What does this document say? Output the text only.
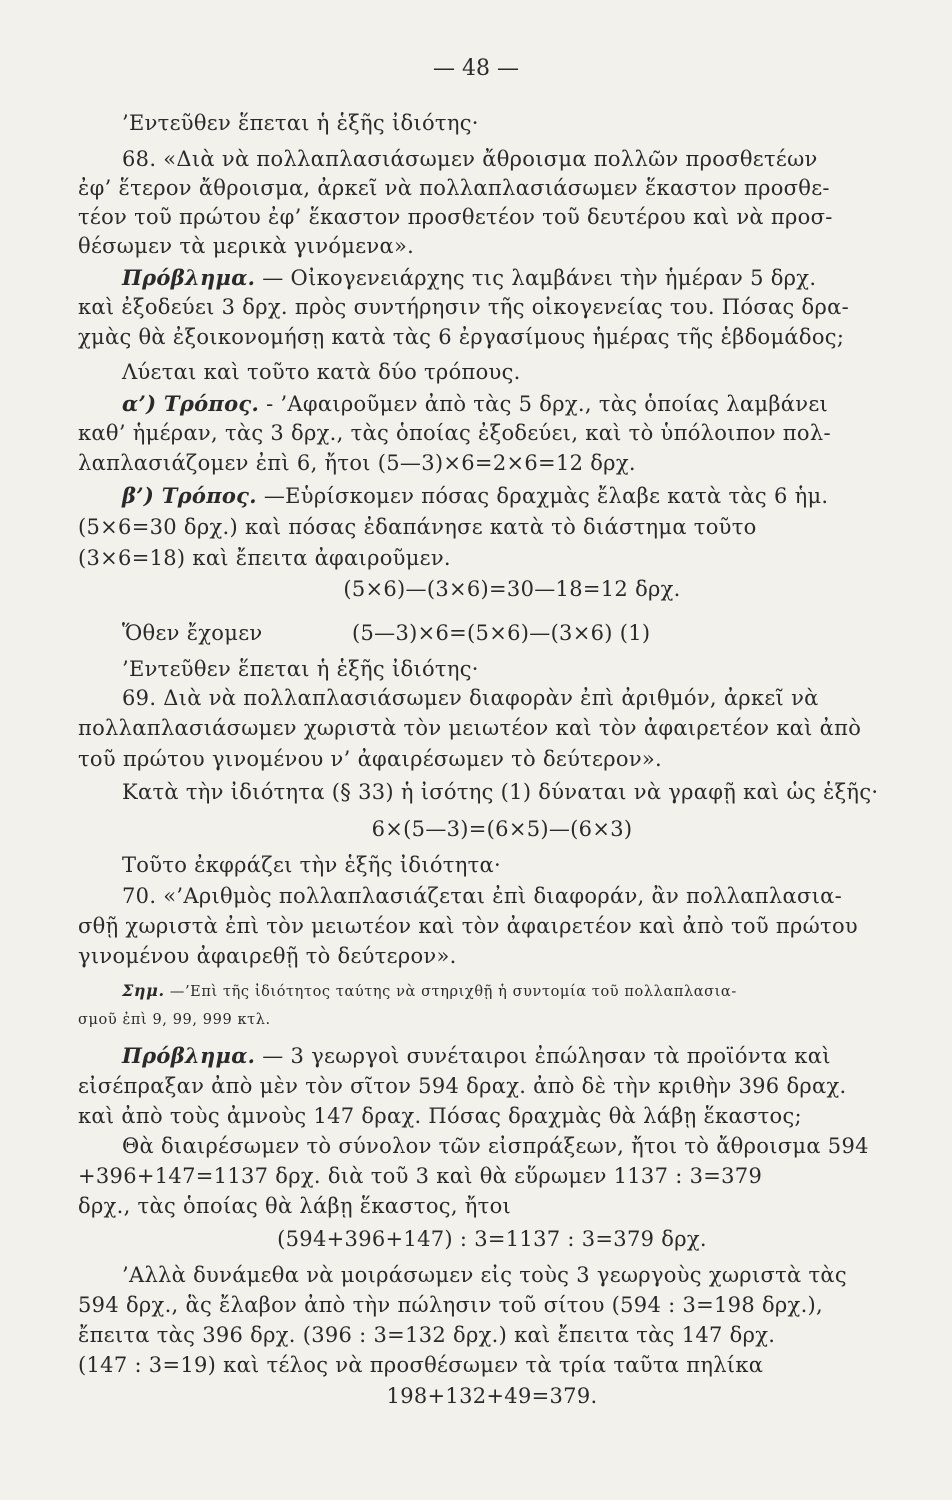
— 48 —
’Εντεῦθεν ἕπεται ἡ ἑξῆς ἰδιότης·
68. «Διὰ νὰ πολλαπλασιάσωμεν ἄθροισμα πολλῶν προσθετέων
ἐφ’ ἕτερον ἄθροισμα, ἀρκεῖ νὰ πολλαπλασιάσωμεν ἕκαστον προσθε-
τέον τοῦ πρώτου ἐφ’ ἕκαστον προσθετέον τοῦ δευτέρου καὶ νὰ προσ-
θέσωμεν τὰ μερικὰ γινόμενα».
Πρόβλημα. — Οἰκογενειάρχης τις λαμβάνει τὴν ἡμέραν 5 δρχ.
καὶ ἐξοδεύει 3 δρχ. πρὸς συντήρησιν τῆς οἰκογενείας του. Πόσας δρα-
χμὰς θὰ ἐξοικονομήσῃ κατὰ τὰς 6 ἐργασίμους ἡμέρας τῆς ἑβδομάδος;
Λύεται καὶ τοῦτο κατὰ δύο τρόπους.
α’) Τρόπος. - ’Αφαιροῦμεν ἀπὸ τὰς 5 δρχ., τὰς ὁποίας λαμβάνει
καθ’ ἡμέραν, τὰς 3 δρχ., τὰς ὁποίας ἐξοδεύει, καὶ τὸ ὑπόλοιπον πολ-
λαπλασιάζομεν ἐπὶ 6, ἤτοι (5—3)×6=2×6=12 δρχ.
β’) Τρόπος. —Εὑρίσκομεν πόσας δραχμὰς ἔλαβε κατὰ τὰς 6 ἡμ.
(5×6=30 δρχ.) καὶ πόσας ἐδαπάνησε κατὰ τὸ διάστημα τοῦτο
(3×6=18) καὶ ἔπειτα ἀφαιροῦμεν.
(5×6)—(3×6)=30—18=12 δρχ.
Ὅθεν ἔχομεν	(5—3)×6=(5×6)—(3×6) (1)
’Εντεῦθεν ἕπεται ἡ ἑξῆς ἰδιότης·
69. Διὰ νὰ πολλαπλασιάσωμεν διαφορὰν ἐπὶ ἀριθμόν, ἀρκεῖ νὰ
πολλαπλασιάσωμεν χωριστὰ τὸν μειωτέον καὶ τὸν ἀφαιρετέον καὶ ἀπὸ
τοῦ πρώτου γινομένου ν’ ἀφαιρέσωμεν τὸ δεύτερον».
Κατὰ τὴν ἰδιότητα (§ 33) ἡ ἰσότης (1) δύναται νὰ γραφῇ καὶ ὡς ἑξῆς·
6×(5—3)=(6×5)—(6×3)
Τοῦτο ἐκφράζει τὴν ἑξῆς ἰδιότητα·
70. «’Αριθμὸς πολλαπλασιάζεται ἐπὶ διαφοράν, ἂν πολλαπλασια-
σθῇ χωριστὰ ἐπὶ τὸν μειωτέον καὶ τὸν ἀφαιρετέον καὶ ἀπὸ τοῦ πρώτου
γινομένου ἀφαιρεθῇ τὸ δεύτερον».
Σημ. —’Επὶ τῆς ἰδιότητος ταύτης νὰ στηριχθῇ ἡ συντομία τοῦ πολλαπλασια-
σμοῦ ἐπὶ 9, 99, 999 κτλ.
Πρόβλημα. — 3 γεωργοὶ συνέταιροι ἐπώλησαν τὰ προϊόντα καὶ
εἰσέπραξαν ἀπὸ μὲν τὸν σῖτον 594 δραχ. ἀπὸ δὲ τὴν κριθὴν 396 δραχ.
καὶ ἀπὸ τοὺς ἀμνοὺς 147 δραχ. Πόσας δραχμὰς θὰ λάβῃ ἕκαστος;
Θὰ διαιρέσωμεν τὸ σύνολον τῶν εἰσπράξεων, ἤτοι τὸ ἄθροισμα 594
+396+147=1137 δρχ. διὰ τοῦ 3 καὶ θὰ εὕρωμεν 1137 : 3=379
δρχ., τὰς ὁποίας θὰ λάβῃ ἕκαστος, ἤτοι
(594+396+147) : 3=1137 : 3=379 δρχ.
’Αλλὰ δυνάμεθα νὰ μοιράσωμεν εἰς τοὺς 3 γεωργοὺς χωριστὰ τὰς
594 δρχ., ἃς ἔλαβον ἀπὸ τὴν πώλησιν τοῦ σίτου (594 : 3=198 δρχ.),
ἔπειτα τὰς 396 δρχ. (396 : 3=132 δρχ.) καὶ ἔπειτα τὰς 147 δρχ.
(147 : 3=19) καὶ τέλος νὰ προσθέσωμεν τὰ τρία ταῦτα πηλίκα
198+132+49=379.
